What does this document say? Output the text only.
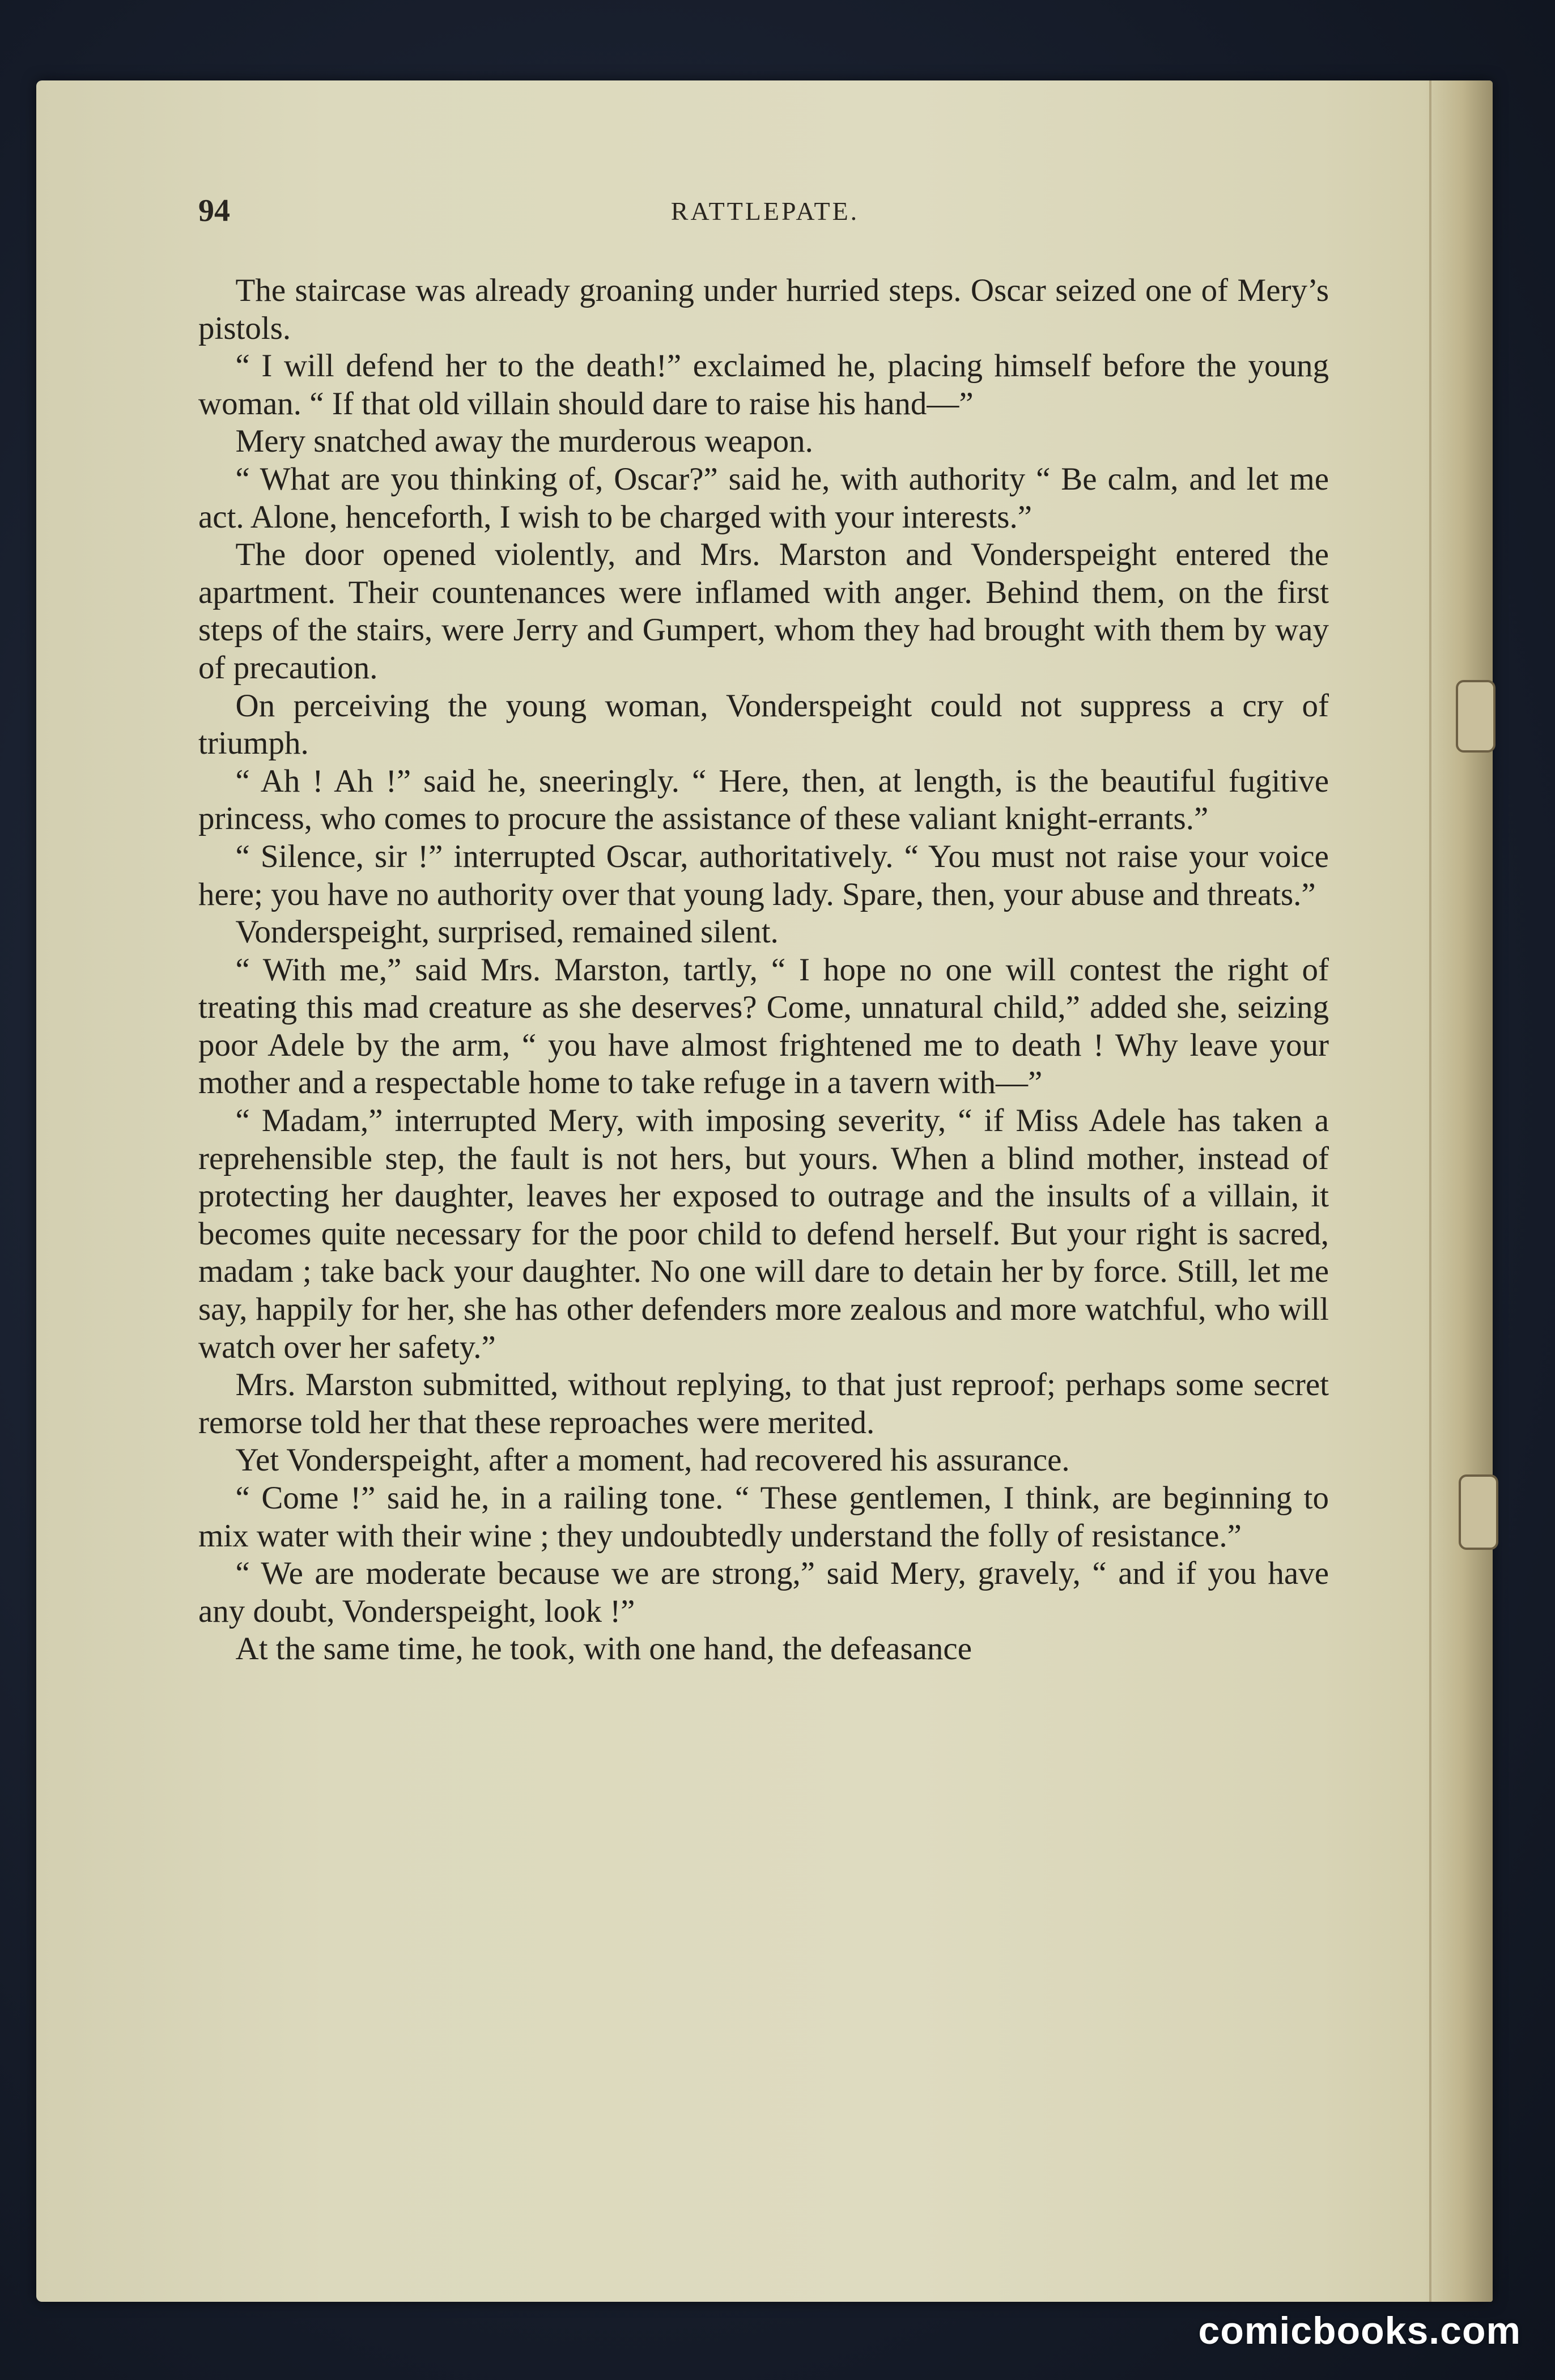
94	RATTLEPATE.

The staircase was already groaning under hurried steps. Oscar seized one of Mery’s pistols.

“ I will defend her to the death!” exclaimed he, placing himself before the young woman. “ If that old villain should dare to raise his hand—”

Mery snatched away the murderous weapon.

“ What are you thinking of, Oscar?” said he, with authority “ Be calm, and let me act. Alone, henceforth, I wish to be charged with your interests.”

The door opened violently, and Mrs. Marston and Vonderspeight entered the apartment. Their countenances were inflamed with anger. Behind them, on the first steps of the stairs, were Jerry and Gumpert, whom they had brought with them by way of precaution.

On perceiving the young woman, Vonderspeight could not suppress a cry of triumph.

“ Ah ! Ah !” said he, sneeringly. “ Here, then, at length, is the beautiful fugitive princess, who comes to procure the assistance of these valiant knight-errants.”

“ Silence, sir !” interrupted Oscar, authoritatively. “ You must not raise your voice here; you have no authority over that young lady. Spare, then, your abuse and threats.”

Vonderspeight, surprised, remained silent.

“ With me,” said Mrs. Marston, tartly, “ I hope no one will contest the right of treating this mad creature as she deserves? Come, unnatural child,” added she, seizing poor Adele by the arm, “ you have almost frightened me to death ! Why leave your mother and a respectable home to take refuge in a tavern with—”

“ Madam,” interrupted Mery, with imposing severity, “ if Miss Adele has taken a reprehensible step, the fault is not hers, but yours. When a blind mother, instead of protecting her daughter, leaves her exposed to outrage and the insults of a villain, it becomes quite necessary for the poor child to defend herself. But your right is sacred, madam ; take back your daughter. No one will dare to detain her by force. Still, let me say, happily for her, she has other defenders more zealous and more watchful, who will watch over her safety.”

Mrs. Marston submitted, without replying, to that just reproof; perhaps some secret remorse told her that these reproaches were merited.

Yet Vonderspeight, after a moment, had recovered his assurance.

“ Come !” said he, in a railing tone. “ These gentlemen, I think, are beginning to mix water with their wine ; they undoubtedly understand the folly of resistance.”

“ We are moderate because we are strong,” said Mery, gravely, “ and if you have any doubt, Vonderspeight, look !”

At the same time, he took, with one hand, the defeasance

comicbooks.com
